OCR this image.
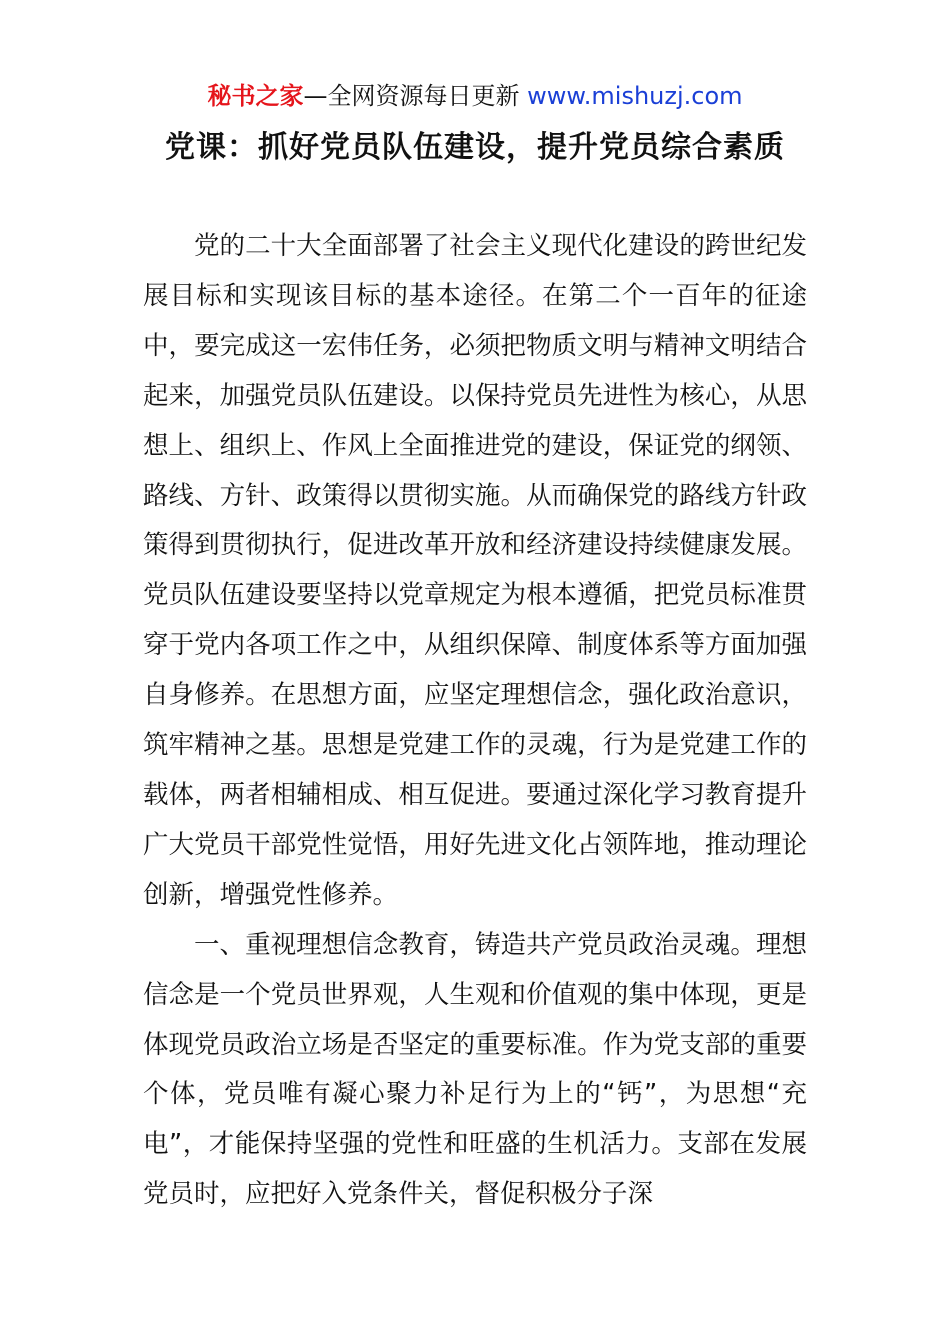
秘书之家—全网资源每日更新 www.mishuzj.com
党课：抓好党员队伍建设，提升党员综合素质

党的二十大全面部署了社会主义现代化建设的跨世纪发展目标和实现该目标的基本途径。在第二个一百年的征途中，要完成这一宏伟任务，必须把物质文明与精神文明结合起来，加强党员队伍建设。以保持党员先进性为核心，从思想上、组织上、作风上全面推进党的建设，保证党的纲领、路线、方针、政策得以贯彻实施。从而确保党的路线方针政策得到贯彻执行，促进改革开放和经济建设持续健康发展。党员队伍建设要坚持以党章规定为根本遵循，把党员标准贯穿于党内各项工作之中，从组织保障、制度体系等方面加强自身修养。在思想方面，应坚定理想信念，强化政治意识，筑牢精神之基。思想是党建工作的灵魂，行为是党建工作的载体，两者相辅相成、相互促进。要通过深化学习教育提升广大党员干部党性觉悟，用好先进文化占领阵地，推动理论创新，增强党性修养。

一、重视理想信念教育，铸造共产党员政治灵魂。理想信念是一个党员世界观，人生观和价值观的集中体现，更是体现党员政治立场是否坚定的重要标准。作为党支部的重要个体，党员唯有凝心聚力补足行为上的“钙”，为思想“充电”，才能保持坚强的党性和旺盛的生机活力。支部在发展党员时，应把好入党条件关，督促积极分子深
